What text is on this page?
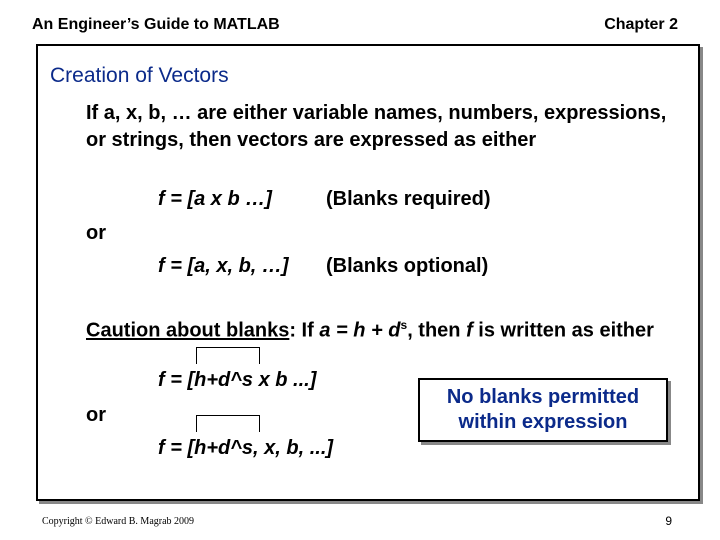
An Engineer’s Guide to MATLAB	Chapter 2
Creation of Vectors
If a, x, b, … are either variable names, numbers, expressions, or strings, then vectors are expressed as either
f = [a x b …]	(Blanks required)
or
f = [a, x, b, …] (Blanks optional)
Caution about blanks: If $a = h + d^s$, then f is written as either
f = [h+d^s x b ...]
or
f = [h+d^s, x, b, ...]
No blanks permitted within expression
Copyright © Edward B. Magrab 2009	9
